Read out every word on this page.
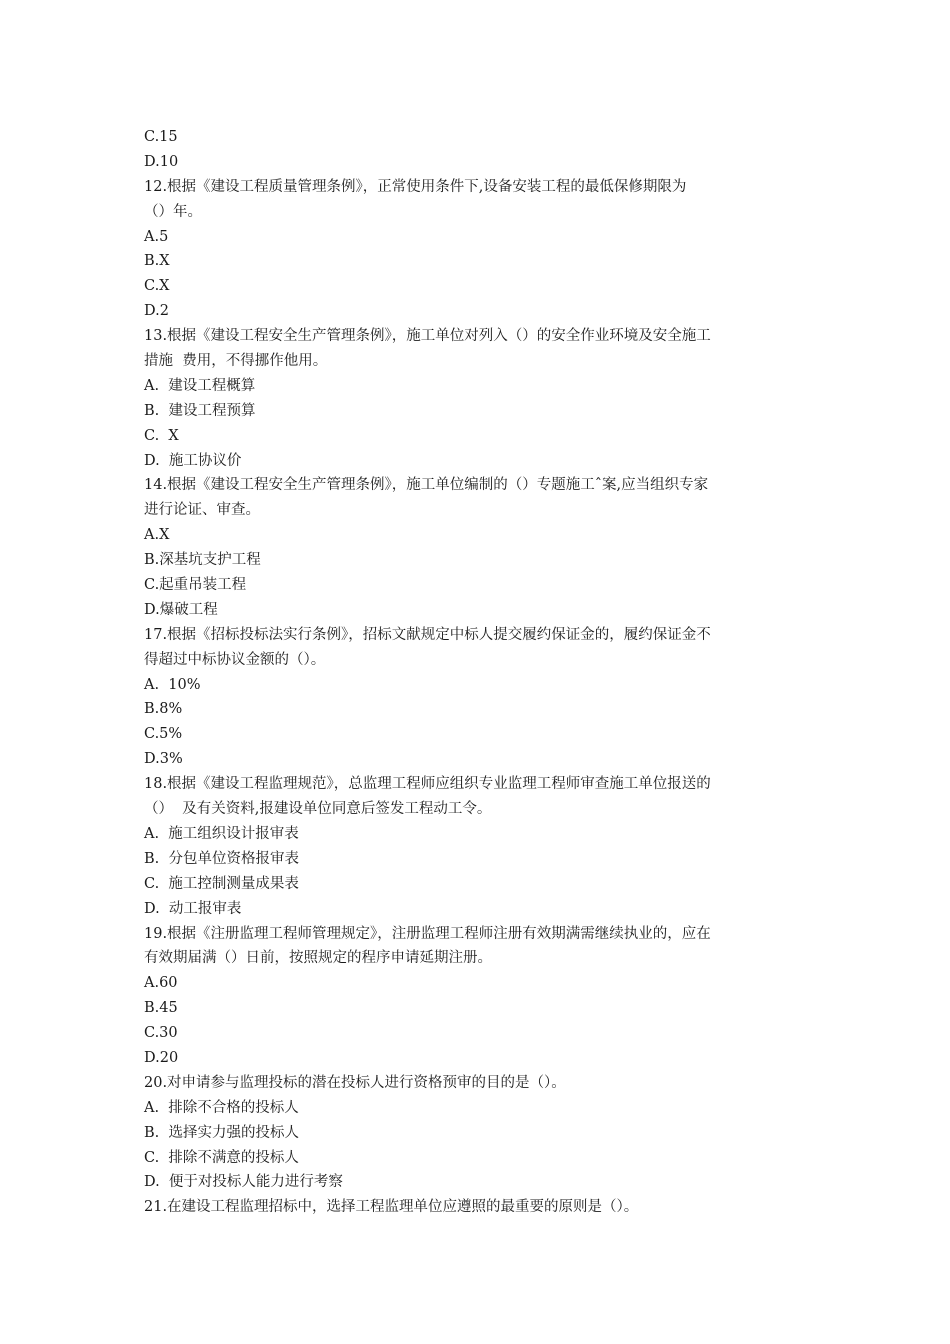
C.15
D.10
12.根据《建设工程质量管理条例》，正常使用条件下,设备安装工程的最低保修期限为
（）年。
A.5
B.X
C.X
D.2
13.根据《建设工程安全生产管理条例》，施工单位对列入（）的安全作业环境及安全施工
措施  费用，不得挪作他用。
A.  建设工程概算
B.  建设工程预算
C.  X
D.  施工协议价
14.根据《建设工程安全生产管理条例》，施工单位编制的（）专题施工ˆ案,应当组织专家
进行论证、审查。
A.X
B.深基坑支护工程
C.起重吊装工程
D.爆破工程
17.根据《招标投标法实行条例》，招标文献规定中标人提交履约保证金的，履约保证金不
得超过中标协议金额的（）。
A.  10%
B.8%
C.5%
D.3%
18.根据《建设工程监理规范》，总监理工程师应组织专业监理工程师审查施工单位报送的
（）  及有关资料,报建设单位同意后签发工程动工令。
A.  施工组织设计报审表
B.  分包单位资格报审表
C.  施工控制测量成果表
D.  动工报审表
19.根据《注册监理工程师管理规定》，注册监理工程师注册有效期满需继续执业的，应在
有效期届满（）日前，按照规定的程序申请延期注册。
A.60
B.45
C.30
D.20
20.对申请参与监理投标的潜在投标人进行资格预审的目的是（）。
A.  排除不合格的投标人
B.  选择实力强的投标人
C.  排除不满意的投标人
D.  便于对投标人能力进行考察
21.在建设工程监理招标中，选择工程监理单位应遵照的最重要的原则是（）。
